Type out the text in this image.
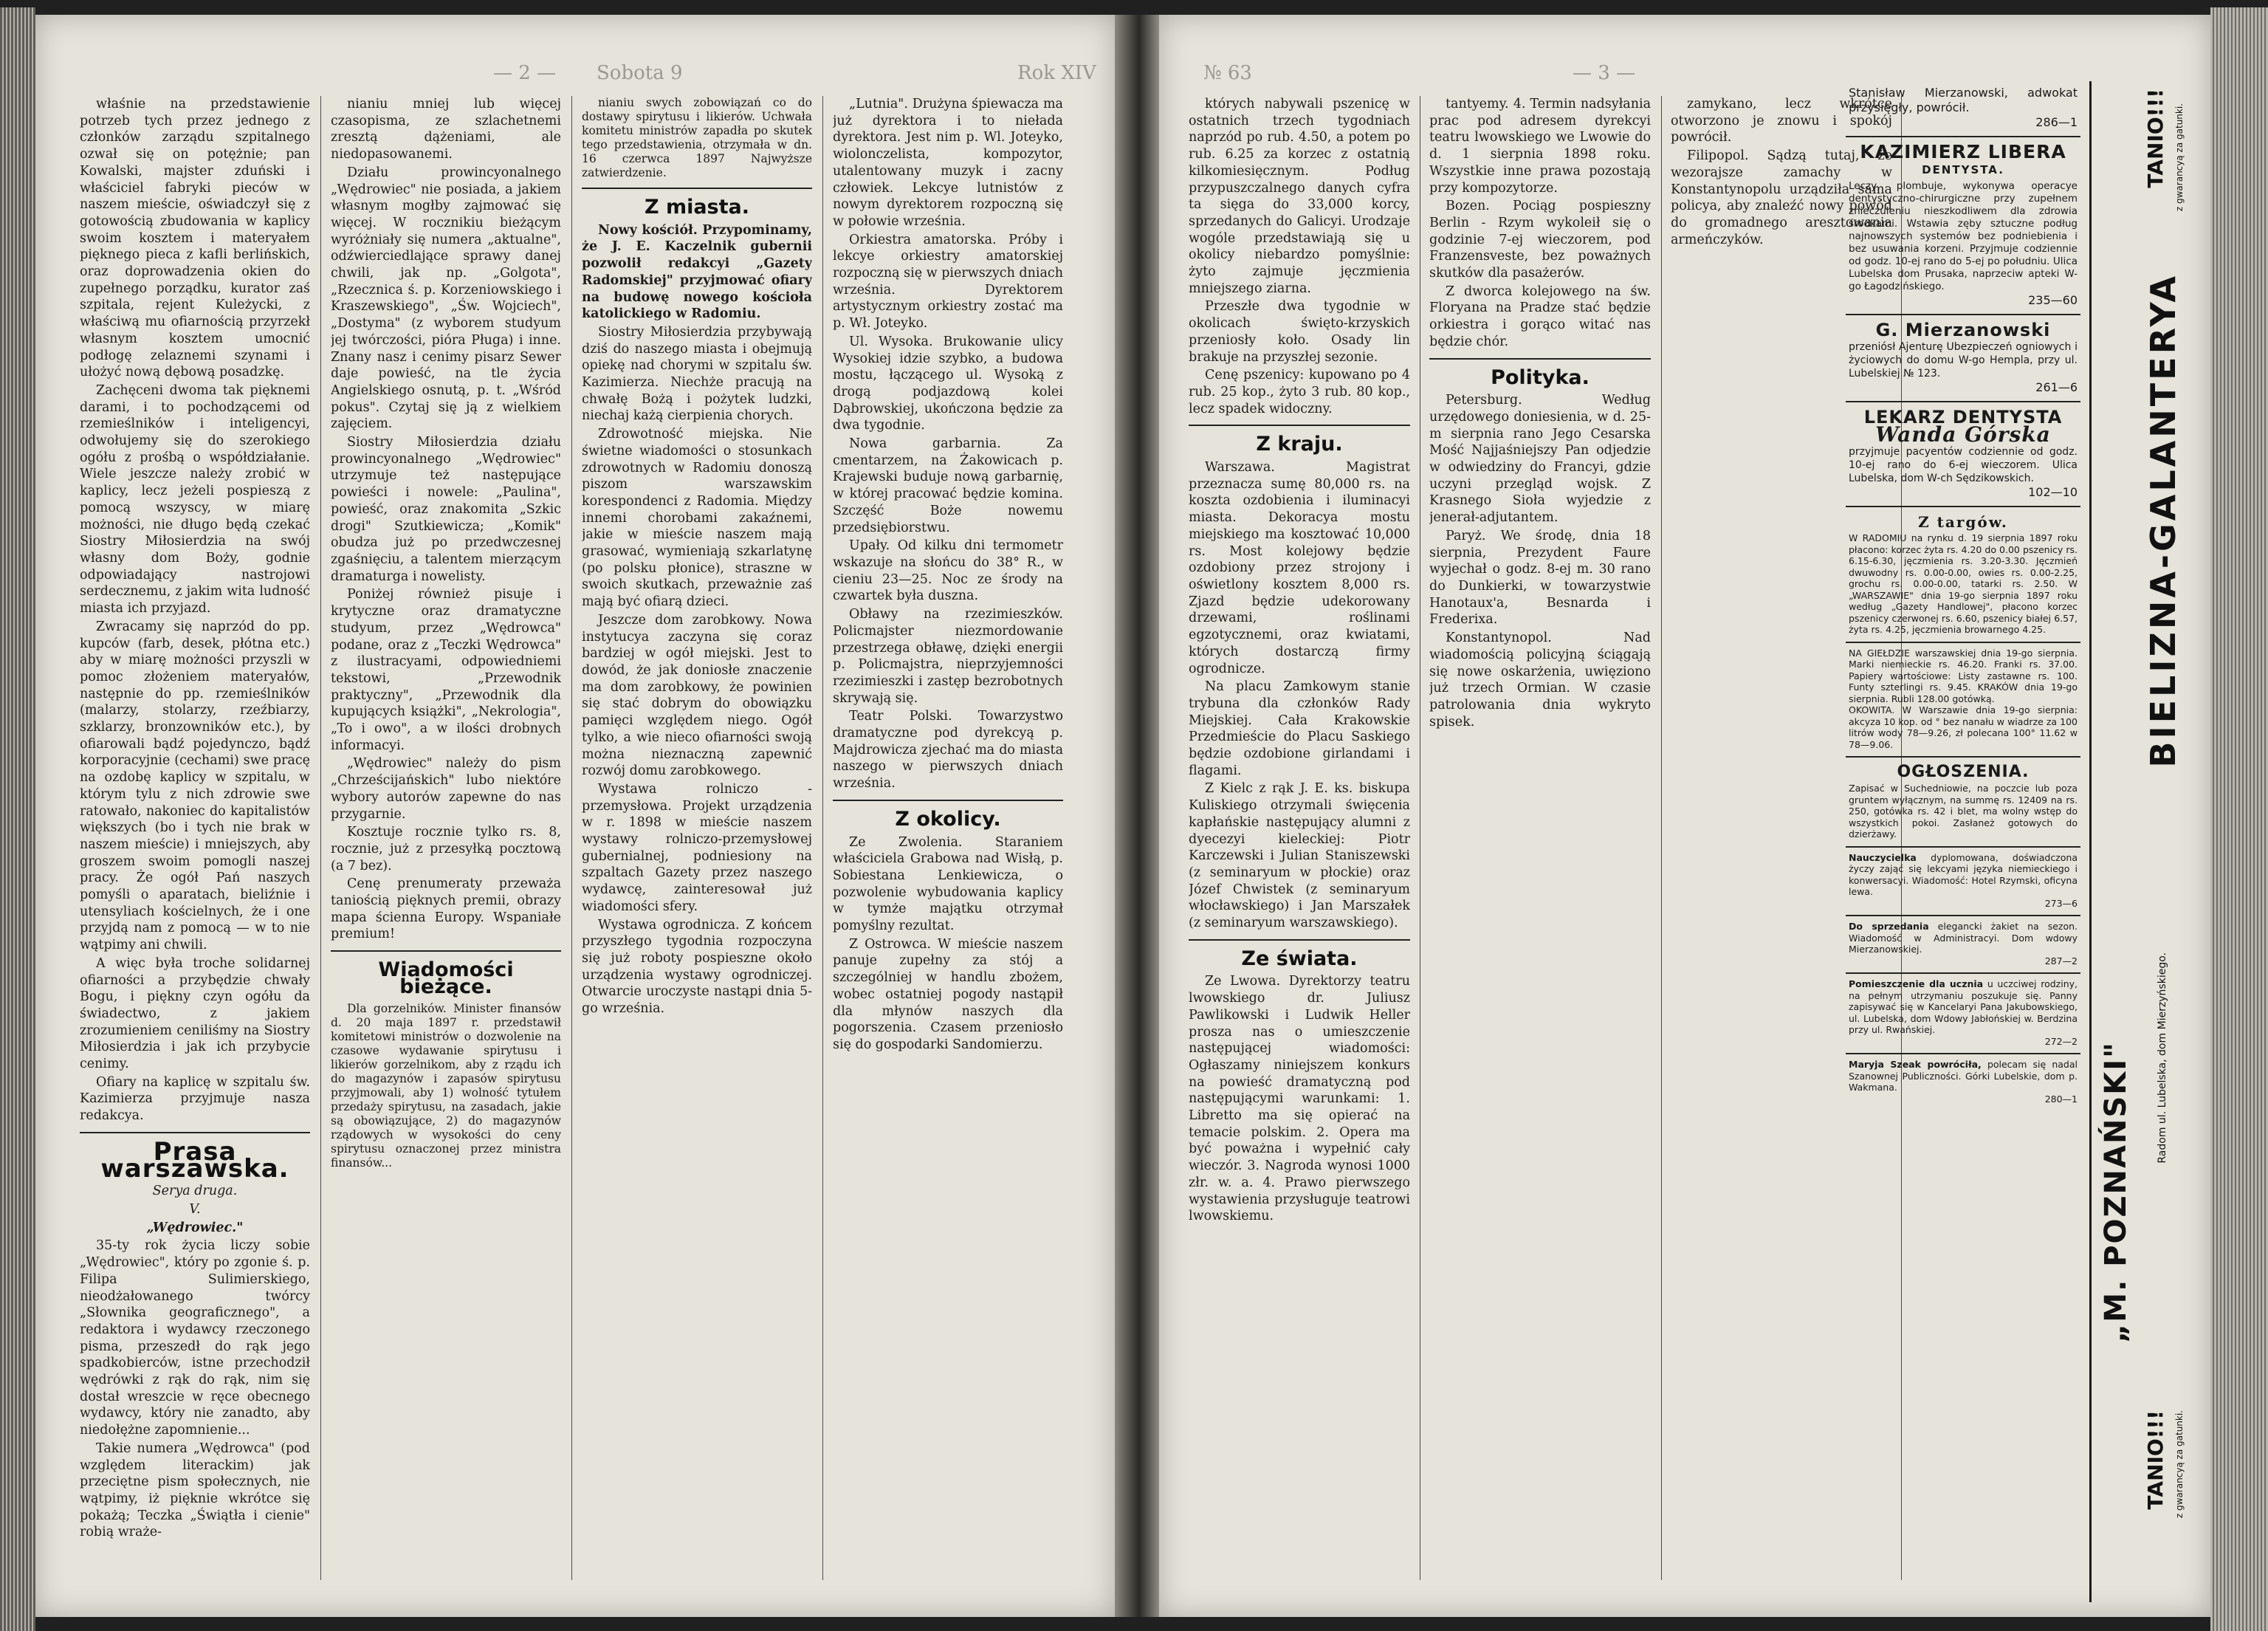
— 2 — Sobota 9	Rok XIV

właśnie na przedstawienie potrzeb tych przez jednego z członków zarządu szpitalnego ozwał się on potężnie; pan Kowalski, majster zduński i właściciel fabryki pieców w naszem mieście, oświadczył się z gotowością zbudowania w kaplicy swoim kosztem i materyałem pięknego pieca z kafli berlińskich, oraz doprowadzenia okien do zupełnego porządku, kurator zaś szpitala, rejent Kuleżycki, z właściwą mu ofiarnością przyrzekł własnym kosztem umocnić podłogę zelaznemi szynami i ułożyć nową dębową posadzkę.

Zachęceni dwoma tak pięknemi darami, i to pochodzącemi od rzemieślników i inteligencyi, odwołujemy się do szerokiego ogółu z prośbą o współdziałanie. Wiele jeszcze należy zrobić w kaplicy, lecz jeżeli pospieszą z pomocą wszyscy, w miarę możności, nie długo będą czekać Siostry Miłosierdzia na swój własny dom Boży, godnie odpowiadający nastrojowi serdecznemu, z jakim wita ludność miasta ich przyjazd.

Zwracamy się naprzód do pp. kupców (farb, desek, płótna etc.) aby w miarę możności przyszli w pomoc złożeniem materyałów, następnie do pp. rzemieślników (malarzy, stolarzy, rzeźbiarzy, szklarzy, bronzowników etc.), by ofiarowali bądź pojedynczo, bądź korporacyjnie (cechami) swe pracę na ozdobę kaplicy w szpitalu, w którym tylu z nich zdrowie swe ratowało, nakoniec do kapitalistów większych (bo i tych nie brak w naszem mieście) i mniejszych, aby groszem swoim pomogli naszej pracy. Że ogół Pań naszych pomyśli o aparatach, bieliźnie i utensyliach kościelnych, że i one przyjdą nam z pomocą — w to nie wątpimy ani chwili.

A więc była troche solidarnej ofiarności a przybędzie chwały Bogu, i piękny czyn ogółu da świadectwo, z jakiem zrozumieniem ceniliśmy na Siostry Miłosierdzia i jak ich przybycie cenimy.

Ofiary na kaplicę w szpitalu św. Kazimierza przyjmuje nasza redakcya.

Prasa warszawska.
Serya druga.
V.
„Wędrowiec."

35-ty rok życia liczy sobie „Wędrowiec", który po zgonie ś. p. Filipa Sulimierskiego, nieodżałowanego twórcy „Słownika geograficznego", a redaktora i wydawcy rzeczonego pisma, przeszedł do rąk jego spadkobierców, istne przechodził wędrówki z rąk do rąk, nim się dostał wreszcie w ręce obecnego wydawcy, który nie zanadto, aby niedołężne zapomnienie...

Takie numera „Wędrowca" (pod względem literackim) jak przeciętne pism społecznych, nie wątpimy, iż pięknie wkrótce się pokażą; Teczka „Świątła i cienie" robią wraże-

nianiu mniej lub więcej czasopisma, ze szlachetnemi zresztą dążeniami, ale niedopasowanemi.

Działu prowincyonalnego „Wędrowiec" nie posiada, a jakiem własnym mogłby zajmować się więcej. W rocznikiu bieżącym wyróżniały się numera „aktualne", odźwierciedlające sprawy danej chwili, jak np. „Golgota", „Rzecznica ś. p. Korzeniowskiego i Kraszewskiego", „Św. Wojciech", „Dostyma" (z wyborem studyum jej twórczości, pióra Pługa) i inne. Znany nasz i cenimy pisarz Sewer daje powieść, na tle życia Angielskiego osnutą, p. t. „Wśród pokus". Czytaj się ją z wielkiem zajęciem.

Siostry Miłosierdzia działu prowincyonalnego „Wędrowiec" utrzymuje też następujące powieści i nowele: „Paulina", powieść, oraz znakomita „Szkic drogi" Szutkiewicza; „Komik" obudza już po przedwczesnej zgaśnięciu, a talentem mierzącym dramaturga i nowelisty.

Poniżej również pisuje i krytyczne oraz dramatyczne studyum, przez „Wędrowca" podane, oraz z „Teczki Wędrowca" z ilustracyami, odpowiedniemi tekstowi, „Przewodnik praktyczny", „Przewodnik dla kupujących książki", „Nekrologia", „To i owo", a w ilości drobnych informacyi.

„Wędrowiec" należy do pism „Chrześcijańskich" lubo niektóre wybory autorów zapewne do nas przygarnie.

Kosztuje rocznie tylko rs. 8, rocznie, już z przesyłką pocztową (a 7 bez).

Cenę prenumeraty przeważa taniością pięknych premii, obrazy mapa ścienna Europy. Wspaniałe premium!

Wiadomości bieżące.

Dla gorzelników. Minister finansów d. 20 maja 1897 r. przedstawił komitetowi ministrów o dozwolenie na czasowe wydawanie spirytusu i likierów gorzelnikom, aby z rządu ich do magazynów i zapasów spirytusu przyjmowali, aby 1) wolność tytułem przedaży spirytusu, na zasadach, jakie są obowiązujące, 2) do magazynów rządowych w wysokości do ceny spirytusu oznaczonej przez ministra finansów...

nianiu swych zobowiązań co do dostawy spirytusu i likierów. Uchwała komitetu ministrów zapadła po skutek tego przedstawienia, otrzymała w dn. 16 czerwca 1897 Najwyższe zatwierdzenie.

Z miasta.

Nowy kościół. Przypominamy, że J. E. Kaczelnik gubernii pozwolił redakcyi „Gazety Radomskiej" przyjmować ofiary na budowę nowego kościoła katolickiego w Radomiu.

Siostry Miłosierdzia przybywają dziś do naszego miasta i obejmują opiekę nad chorymi w szpitalu św. Kazimierza. Niechże pracują na chwałę Bożą i pożytek ludzki, niechaj każą cierpienia chorych.

Zdrowotność miejska. Nie świetne wiadomości o stosunkach zdrowotnych w Radomiu donoszą piszom warszawskim korespondenci z Radomia. Między innemi chorobami zakaźnemi, jakie w mieście naszem mają grasować, wymieniają szkarlatynę (po polsku płonice), straszne w swoich skutkach, przeważnie zaś mają być ofiarą dzieci.

Jeszcze dom zarobkowy. Nowa instytucya zaczyna się coraz bardziej w ogół miejski. Jest to dowód, że jak doniosłe znaczenie ma dom zarobkowy, że powinien się stać dobrym do obowiązku pamięci względem niego. Ogół tylko, a wie nieco ofiarności swoją można nieznaczną zapewnić rozwój domu zarobkowego.

Wystawa rolniczo - przemysłowa. Projekt urządzenia w r. 1898 w mieście naszem wystawy rolniczo-przemysłowej gubernialnej, podniesiony na szpaltach Gazety przez naszego wydawcę, zainteresował już wiadomości sfery.

Wystawa ogrodnicza. Z końcem przyszłego tygodnia rozpoczyna się już roboty pospieszne około urządzenia wystawy ogrodniczej. Otwarcie uroczyste nastąpi dnia 5-go września.

„Lutnia". Drużyna śpiewacza ma już dyrektora i to niełada dyrektora. Jest nim p. Wl. Joteyko, wiolonczelista, kompozytor, utalentowany muzyk i zacny człowiek. Lekcye lutnistów z nowym dyrektorem rozpoczną się w połowie września.

Orkiestra amatorska. Próby i lekcye orkiestry amatorskiej rozpoczną się w pierwszych dniach września. Dyrektorem artystycznym orkiestry zostać ma p. Wł. Joteyko.

Ul. Wysoka. Brukowanie ulicy Wysokiej idzie szybko, a budowa mostu, łączącego ul. Wysoką z drogą podjazdową kolei Dąbrowskiej, ukończona będzie za dwa tygodnie.

Nowa garbarnia. Za cmentarzem, na Żakowicach p. Krajewski buduje nową garbarnię, w której pracować będzie komina. Szczęść Boże nowemu przedsiębiorstwu.

Upały. Od kilku dni termometr wskazuje na słońcu do 38° R., w cieniu 23—25. Noc ze środy na czwartek była duszna.

Obławy na rzezimieszków. Policmajster niezmordowanie przestrzega obławę, dzięki energii p. Policmajstra, nieprzyjemności rzezimieszki i zastęp bezrobotnych skrywają się.

Teatr Polski. Towarzystwo dramatyczne pod dyrekcyą p. Majdrowicza zjechać ma do miasta naszego w pierwszych dniach września.

Z okolicy.

Ze Zwolenia. Staraniem właściciela Grabowa nad Wisłą, p. Sobiestana Lenkiewicza, o pozwolenie wybudowania kaplicy w tymże majątku otrzymał pomyślny rezultat.

Z Ostrowca. W mieście naszem panuje zupełny za stój a szczególniej w handlu zbożem, wobec ostatniej pogody nastąpił dla młynów naszych dla pogorszenia. Czasem przeniosło się do gospodarki Sandomierzu.

№ 63	— 3 —

których nabywali pszenicę w ostatnich trzech tygodniach naprzód po rub. 4.50, a potem po rub. 6.25 za korzec z ostatnią kilkomiesięcznym. Podług przypuszczalnego danych cyfra ta sięga do 33,000 korcy, sprzedanych do Galicyi. Urodzaje wogóle przedstawiają się u okolicy niebardzo pomyślnie: żyto zajmuje jęczmienia mniejszego ziarna.

Przeszłe dwa tygodnie w okolicach święto-krzyskich przeniosły koło. Osady lin brakuje na przyszłej sezonie.

Cenę pszenicy: kupowano po 4 rub. 25 kop., żyto 3 rub. 80 kop., lecz spadek widoczny.

Z kraju.

Warszawa. Magistrat przeznacza sumę 80,000 rs. na koszta ozdobienia i iluminacyi miasta. Dekoracya mostu miejskiego ma kosztować 10,000 rs. Most kolejowy będzie ozdobiony przez strojony i oświetlony kosztem 8,000 rs. Zjazd będzie udekorowany drzewami, roślinami egzotycznemi, oraz kwiatami, których dostarczą firmy ogrodnicze.

Na placu Zamkowym stanie trybuna dla członków Rady Miejskiej. Cała Krakowskie Przedmieście do Placu Saskiego będzie ozdobione girlandami i flagami.

Z Kielc z rąk J. E. ks. biskupa Kuliskiego otrzymali święcenia kapłańskie następujący alumni z dyecezyi kieleckiej: Piotr Karczewski i Julian Staniszewski (z seminaryum w płockie) oraz Józef Chwistek (z seminaryum włocławskiego) i Jan Marszałek (z seminaryum warszawskiego).

Ze świata.

Ze Lwowa. Dyrektorzy teatru lwowskiego dr. Juliusz Pawlikowski i Ludwik Heller prosza nas o umieszczenie następującej wiadomości: Ogłaszamy niniejszem konkurs na powieść dramatyczną pod następującymi warunkami: 1. Libretto ma się opierać na temacie polskim. 2. Opera ma być poważna i wypełnić cały wieczór. 3. Nagroda wynosi 1000 złr. w. a. 4. Prawo pierwszego wystawienia przysługuje teatrowi lwowskiemu.

tantyemy. 4. Termin nadsyłania prac pod adresem dyrekcyi teatru lwowskiego we Lwowie do d. 1 sierpnia 1898 roku. Wszystkie inne prawa pozostają przy kompozytorze.

Bozen. Pociąg pospieszny Berlin - Rzym wykoleił się o godzinie 7-ej wieczorem, pod Franzensveste, bez poważnych skutków dla pasażerów.

Z dworca kolejowego na św. Floryana na Pradze stać będzie orkiestra i gorąco witać nas będzie chór.

Polityka.

Petersburg. Według urzędowego doniesienia, w d. 25-m sierpnia rano Jego Cesarska Mość Najjaśniejszy Pan odjedzie w odwiedziny do Francyi, gdzie uczyni przegląd wojsk. Z Krasnego Sioła wyjedzie z jenerał-adjutantem.

Paryż. We środę, dnia 18 sierpnia, Prezydent Faure wyjechał o godz. 8-ej m. 30 rano do Dunkierki, w towarzystwie Hanotaux'a, Besnarda i Frederixa.

Konstantynopol. Nad wiadomością policyjną ściągają się nowe oskarżenia, uwięziono już trzech Ormian. W czasie patrolowania dnia wykryto spisek.

zamykano, lecz wkrótce otworzono je znowu i spokój powrócił.

Filipopol. Sądzą tutaj, że wezorajsze zamachy w Konstantynopolu urządziła sama policya, aby znaleźć nowy powód do gromadnego aresztowania armeńczyków.

Stanisław Mierzanowski, adwokat przysięgły, powrócił.
286—1
KAZIMIERZ LIBERA
DENTYSTA.
Leczy, plombuje, wykonywa operacye dentystyczno-chirurgiczne przy zupełnem znieczuleniu nieszkodliwem dla zdrowia środkami. Wstawia zęby sztuczne podług najnowszych systemów bez podniebienia i bez usuwania korzeni. Przyjmuje codziennie od godz. 10-ej rano do 5-ej po południu. Ulica Lubelska dom Prusaka, naprzeciw apteki W-go Łagodzińskiego.
235—60
G. Mierzanowski
przeniósł Ajenturę Ubezpieczeń ogniowych i życiowych do domu W-go Hempla, przy ul. Lubelskiej № 123.
261—6
LEKARZ DENTYSTA
Wanda Górska
przyjmuje pacyentów codziennie od godz. 10-ej rano do 6-ej wieczorem. Ulica Lubelska, dom W-ch Sędzikowskich.
102—10
Z targów.
W RADOMIU na rynku d. 19 sierpnia 1897 roku płacono: korzec żyta rs. 4.20 do 0.00 pszenicy rs. 6.15-6.30, jęczmienia rs. 3.20-3.30. Jęczmień dwuwodny rs. 0.00-0.00, owies rs. 0.00-2.25, grochu rs. 0.00-0.00, tatarki rs. 2.50. W „WARSZAWIE" dnia 19-go sierpnia 1897 roku według „Gazety Handlowej", płacono korzec pszenicy czerwonej rs. 6.60, pszenicy białej 6.57, żyta rs. 4.25, jęczmienia browarnego 4.25.
NA GIEŁDZIE warszawskiej dnia 19-go sierpnia. Marki niemieckie rs. 46.20. Franki rs. 37.00. Papiery wartościowe: Listy zastawne rs. 100. Funty szterlingi rs. 9.45. KRAKÓW dnia 19-go sierpnia. Rubli 128.00 gotówką.
OKOWITA. W Warszawie dnia 19-go sierpnia: akcyza 10 kop. od ° bez nanału w wiadrze za 100 litrów wody 78—9.26, zł polecana 100° 11.62 w 78—9.06.
OGŁOSZENIA.
Zapisać w Suchedniowie, na poczcie lub poza gruntem wyłącznym, na summę rs. 12409 na rs. 250, gotówka rs. 42 i blet, ma wolny wstęp do wszystkich pokoi. Zasłaneż gotowych do dzierżawy.
Nauczycielka dyplomowana, doświadczona życzy zająć się lekcyami języka niemieckiego i konwersacyi. Wiadomość: Hotel Rzymski, oficyna lewa.
273—6
Do sprzedania elegancki żakiet na sezon. Wiadomość w Administracyi. Dom wdowy Mierzanowskiej.
287—2
Pomieszczenie dla ucznia u uczciwej rodziny, na pełnym utrzymaniu poszukuje się. Panny zapisywać się w Kancelaryi Pana Jakubowskiego, ul. Lubelska, dom Wdowy Jabłońskiej w. Berdzina przy ul. Rwańskiej.
272—2
Maryja Szeak powróciła, polecam się nadal Szanownej Publiczności. Górki Lubelskie, dom p. Wakmana.
280—1
TANIO!!! z gwarancyą za gatunki.
BIELIZNA-GALANTERYA
„M. POZNAŃSKI" Radom ul. Lubelska, dom Mierzyńskiego.
TANIO!!! z gwarancyą za gatunki.
